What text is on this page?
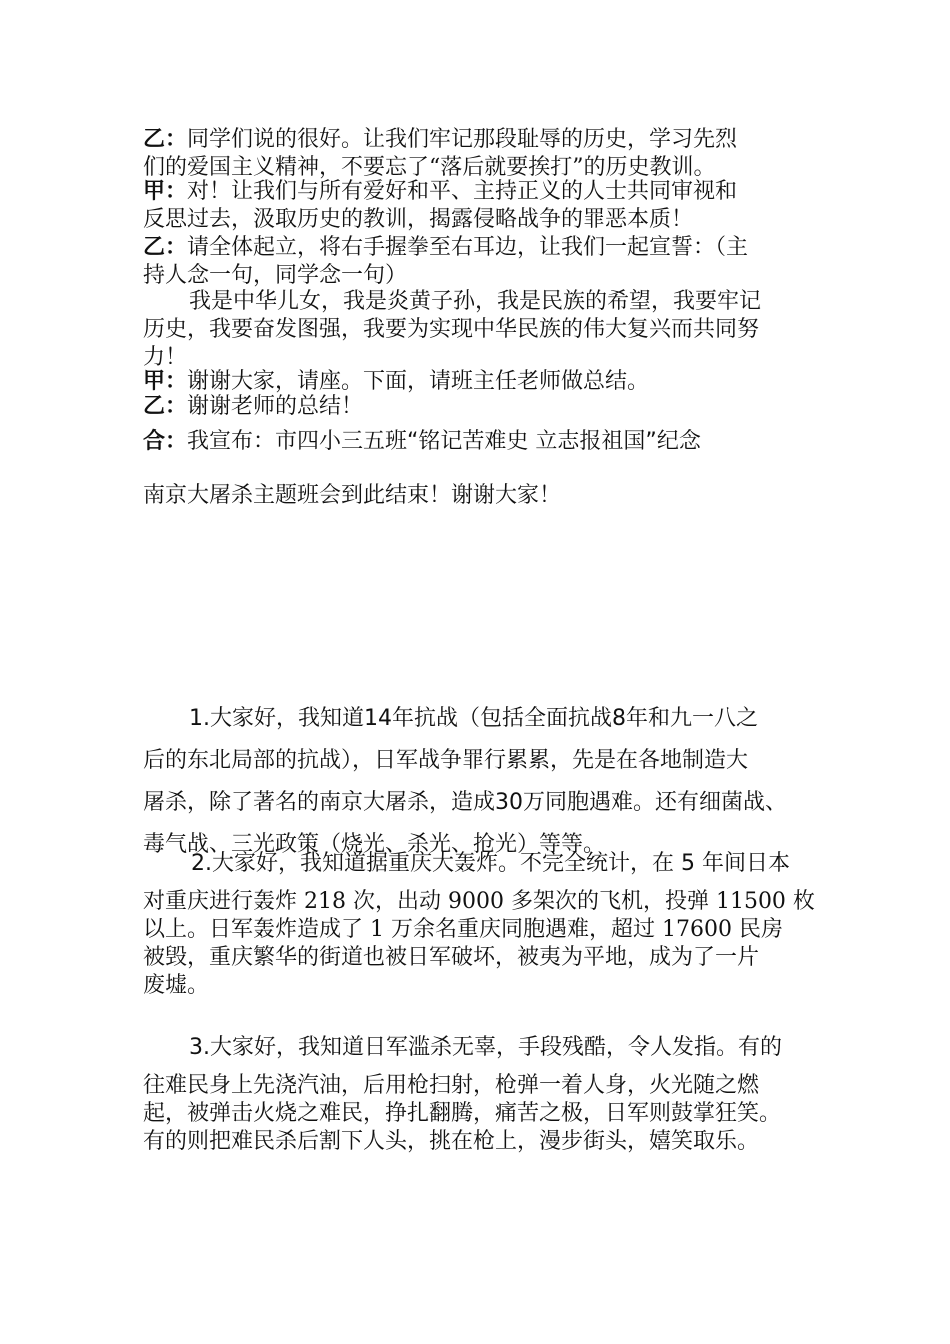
乙：同学们说的很好。让我们牢记那段耻辱的历史，学习先烈
们的爱国主义精神，不要忘了“落后就要挨打”的历史教训。
甲：对！让我们与所有爱好和平、主持正义的人士共同审视和
反思过去，汲取历史的教训，揭露侵略战争的罪恶本质！
乙：请全体起立，将右手握拳至右耳边，让我们一起宣誓：（主
持人念一句，同学念一句）
我是中华儿女，我是炎黄子孙，我是民族的希望，我要牢记
历史，我要奋发图强，我要为实现中华民族的伟大复兴而共同努
力！
甲：谢谢大家，请座。下面，请班主任老师做总结。
乙：谢谢老师的总结！
合：我宣布：市四小三五班“铭记苦难史 立志报祖国”纪念
南京大屠杀主题班会到此结束！谢谢大家！
1.大家好，我知道14年抗战（包括全面抗战8年和九一八之
后的东北局部的抗战），日军战争罪行累累，先是在各地制造大
屠杀，除了著名的南京大屠杀，造成30万同胞遇难。还有细菌战、
毒气战、三光政策（烧光、杀光、抢光）等等。
2.大家好，我知道据重庆大轰炸。不完全统计，在 5 年间日本
对重庆进行轰炸 218 次，出动 9000 多架次的飞机，投弹 11500 枚
以上。日军轰炸造成了 1 万余名重庆同胞遇难，超过 17600 民房
被毁，重庆繁华的街道也被日军破坏，被夷为平地，成为了一片
废墟。
3.大家好，我知道日军滥杀无辜，手段残酷，令人发指。有的
往难民身上先浇汽油，后用枪扫射，枪弹一着人身，火光随之燃
起，被弹击火烧之难民，挣扎翻腾，痛苦之极，日军则鼓掌狂笑。
有的则把难民杀后割下人头，挑在枪上，漫步街头，嬉笑取乐。
